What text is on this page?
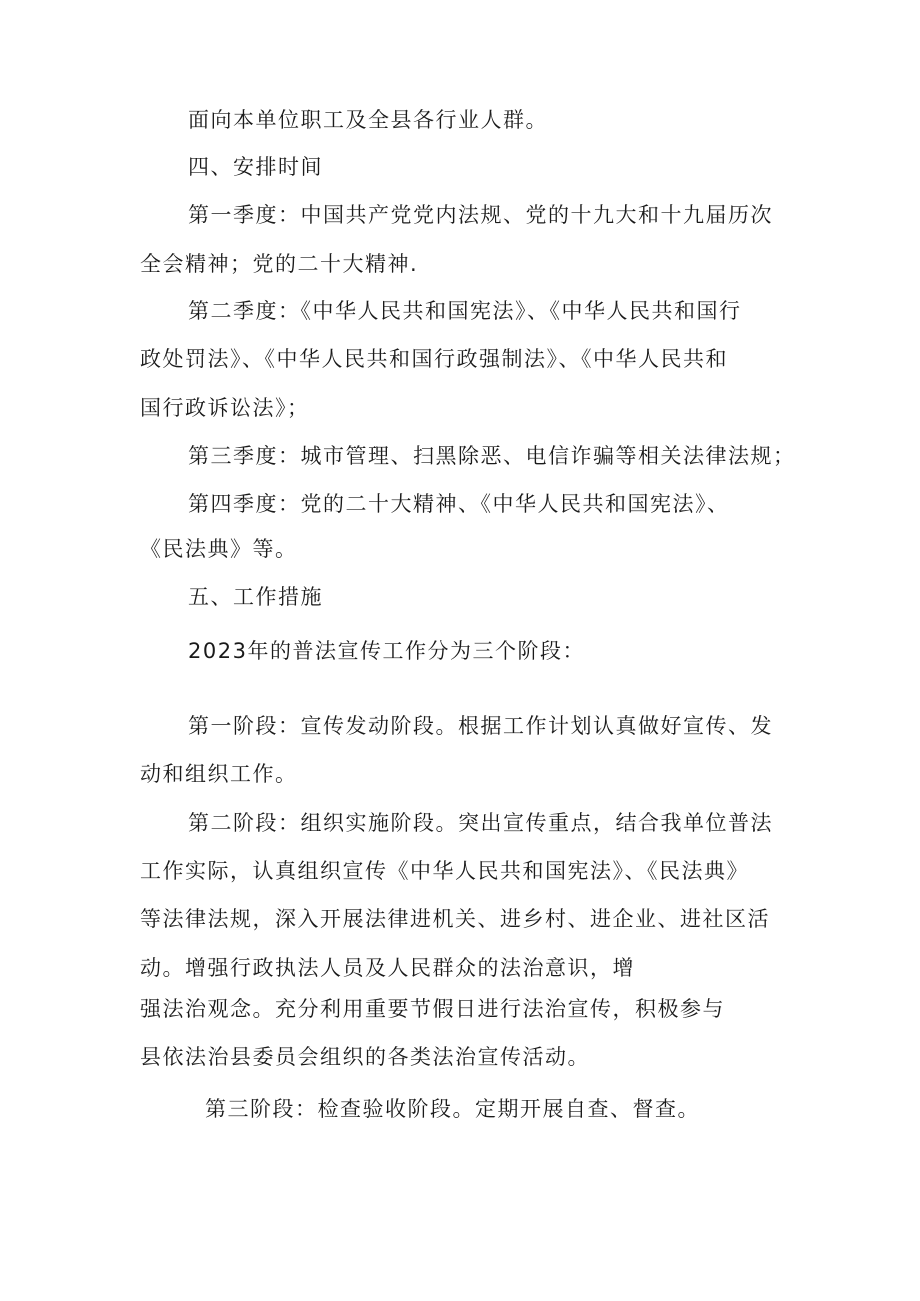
面向本单位职工及全县各行业人群。
四、安排时间
第一季度：中国共产党党内法规、党的十九大和十九届历次
全会精神；党的二十大精神.
第二季度：《中华人民共和国宪法》、《中华人民共和国行
政处罚法》、《中华人民共和国行政强制法》、《中华人民共和
国行政诉讼法》；
第三季度：城市管理、扫黑除恶、电信诈骗等相关法律法规；
第四季度：党的二十大精神、《中华人民共和国宪法》、
《民法典》等。
五、工作措施
2023年的普法宣传工作分为三个阶段：
第一阶段：宣传发动阶段。根据工作计划认真做好宣传、发
动和组织工作。
第二阶段：组织实施阶段。突出宣传重点，结合我单位普法
工作实际，认真组织宣传《中华人民共和国宪法》、《民法典》
等法律法规，深入开展法律进机关、进乡村、进企业、进社区活
动。增强行政执法人员及人民群众的法治意识，增
强法治观念。充分利用重要节假日进行法治宣传，积极参与
县依法治县委员会组织的各类法治宣传活动。
第三阶段：检查验收阶段。定期开展自查、督查。
